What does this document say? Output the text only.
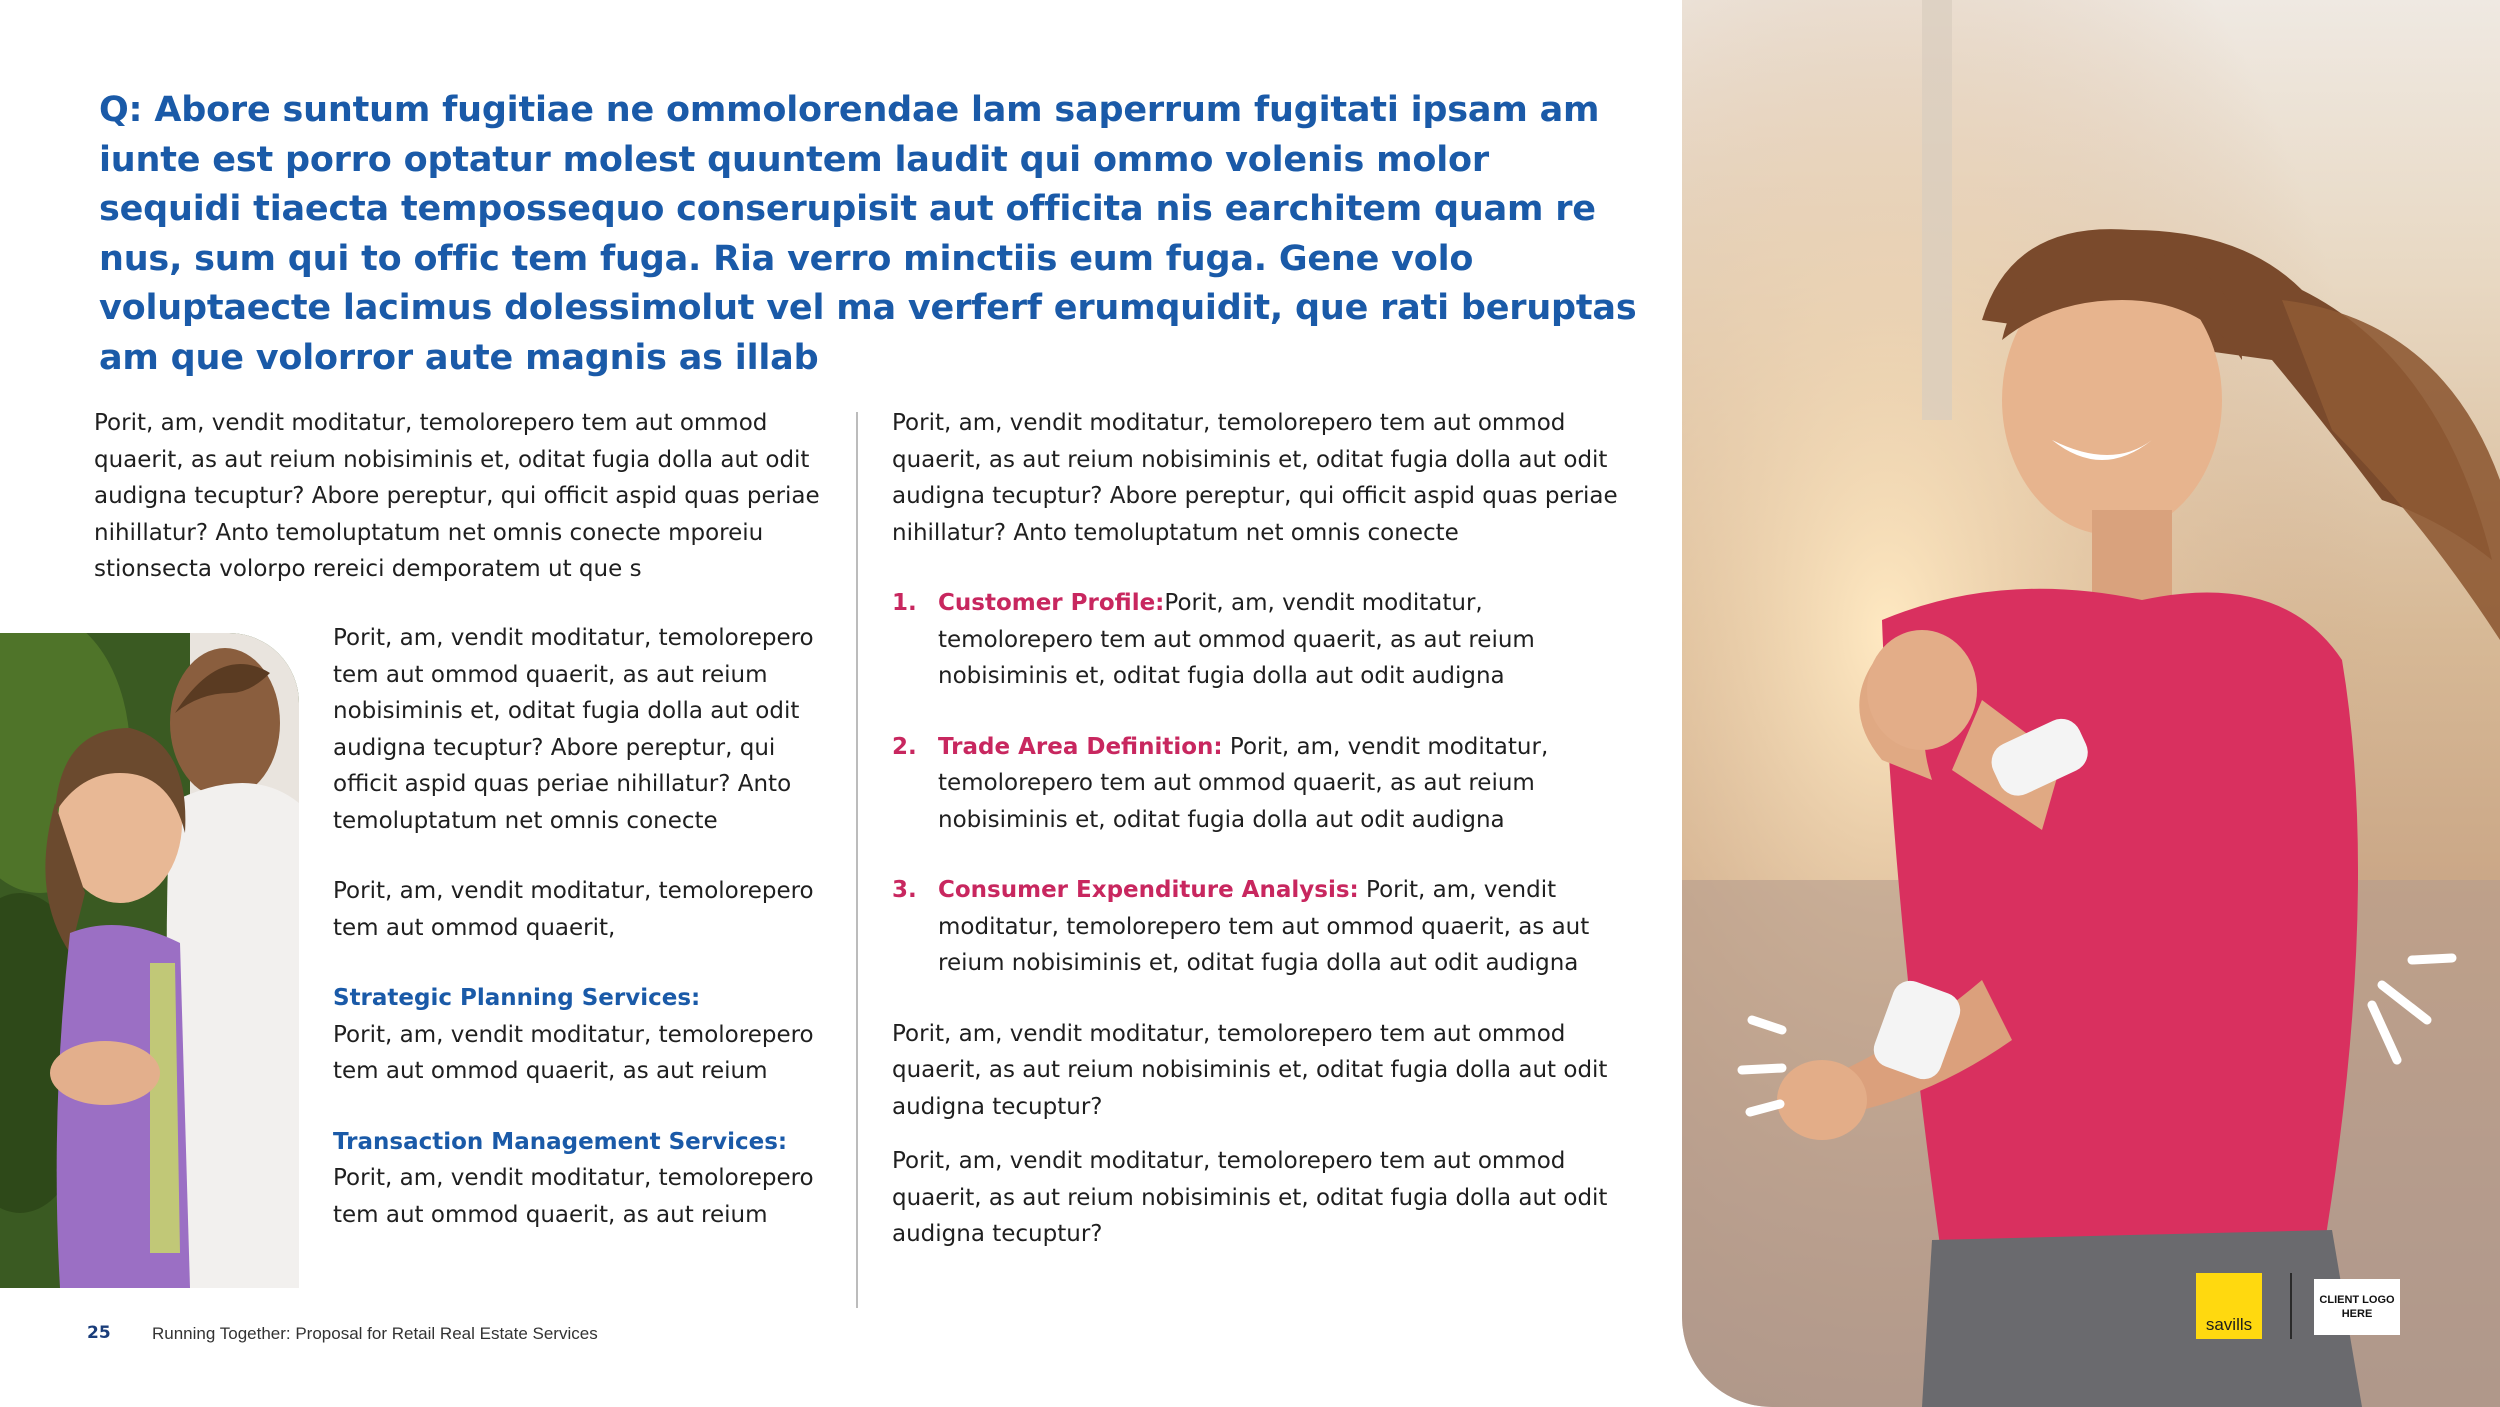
Q: Abore suntum fugitiae ne ommolorendae lam saperrum fugitati ipsam am iunte est porro optatur molest quuntem laudit qui ommo volenis molor sequidi tiaecta tempossequo conserupisit aut officita nis earchitem quam re nus, sum qui to offic tem fuga. Ria verro minctiis eum fuga. Gene volo voluptaecte lacimus dolessimolut vel ma verferf erumquidit, que rati beruptas am que volorror aute magnis as illab
Porit, am, vendit moditatur, temolorepero tem aut ommod quaerit, as aut reium nobisiminis et, oditat fugia dolla aut odit audigna tecuptur? Abore pereptur, qui officit aspid quas periae nihillatur? Anto temoluptatum net omnis conecte mporeiu stionsecta volorpo rereici demporatem ut que s

Porit, am, vendit moditatur, temolorepero tem aut ommod quaerit, as aut reium nobisiminis et, oditat fugia dolla aut odit audigna tecuptur? Abore pereptur, qui officit aspid quas periae nihillatur? Anto temoluptatum net omnis conecte

Porit, am, vendit moditatur, temolorepero tem aut ommod quaerit,

Strategic Planning Services:
Porit, am, vendit moditatur, temolorepero tem aut ommod quaerit, as aut reium
Transaction Management Services:
Porit, am, vendit moditatur, temolorepero tem aut ommod quaerit, as aut reium

Porit, am, vendit moditatur, temolorepero tem aut ommod quaerit, as aut reium nobisiminis et, oditat fugia dolla aut odit audigna tecuptur? Abore pereptur, qui officit aspid quas periae nihillatur? Anto temoluptatum net omnis conecte

1. Customer Profile:Porit, am, vendit moditatur, temolorepero tem aut ommod quaerit, as aut reium nobisiminis et, oditat fugia dolla aut odit audigna
2. Trade Area Definition: Porit, am, vendit moditatur, temolorepero tem aut ommod quaerit, as aut reium nobisiminis et, oditat fugia dolla aut odit audigna
3. Consumer Expenditure Analysis: Porit, am, vendit moditatur, temolorepero tem aut ommod quaerit, as aut reium nobisiminis et, oditat fugia dolla aut odit audigna

Porit, am, vendit moditatur, temolorepero tem aut ommod quaerit, as aut reium nobisiminis et, oditat fugia dolla aut odit audigna tecuptur?

Porit, am, vendit moditatur, temolorepero tem aut ommod quaerit, as aut reium nobisiminis et, oditat fugia dolla aut odit audigna tecuptur?

25 Running Together: Proposal for Retail Real Estate Services	savills
CLIENT LOGO HERE
